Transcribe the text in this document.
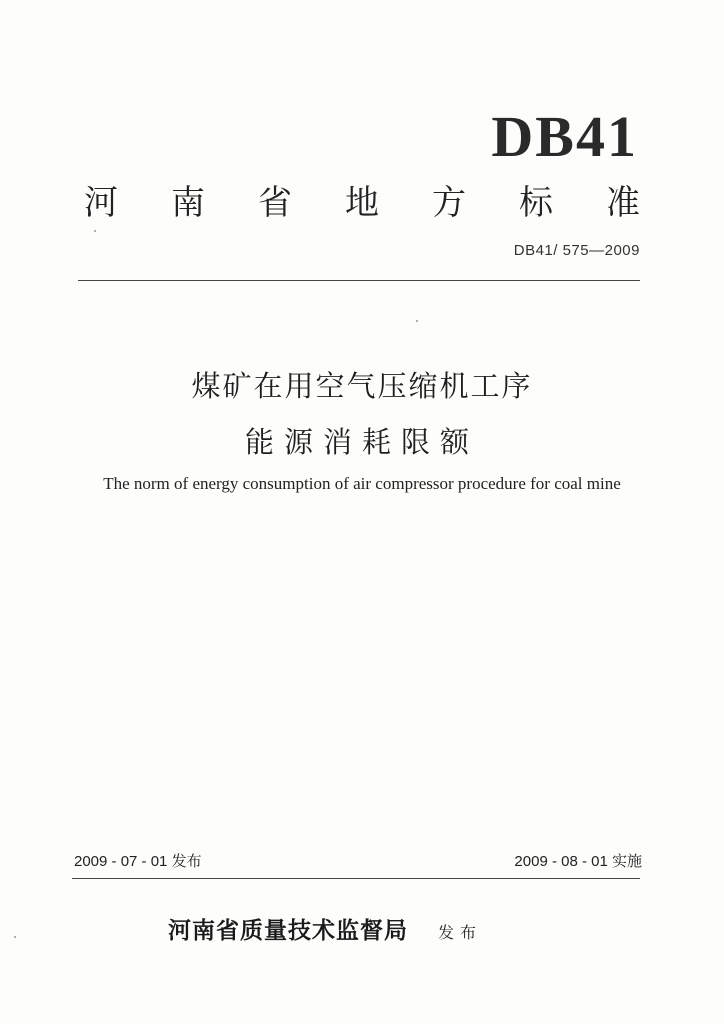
DB41
河 南 省 地 方 标 准
DB41/ 575—2009
煤矿在用空气压缩机工序
能源消耗限额
The norm of energy consumption of air compressor procedure for coal mine
2009 - 07 - 01 发布	2009 - 08 - 01 实施
河南省质量技术监督局 发布
